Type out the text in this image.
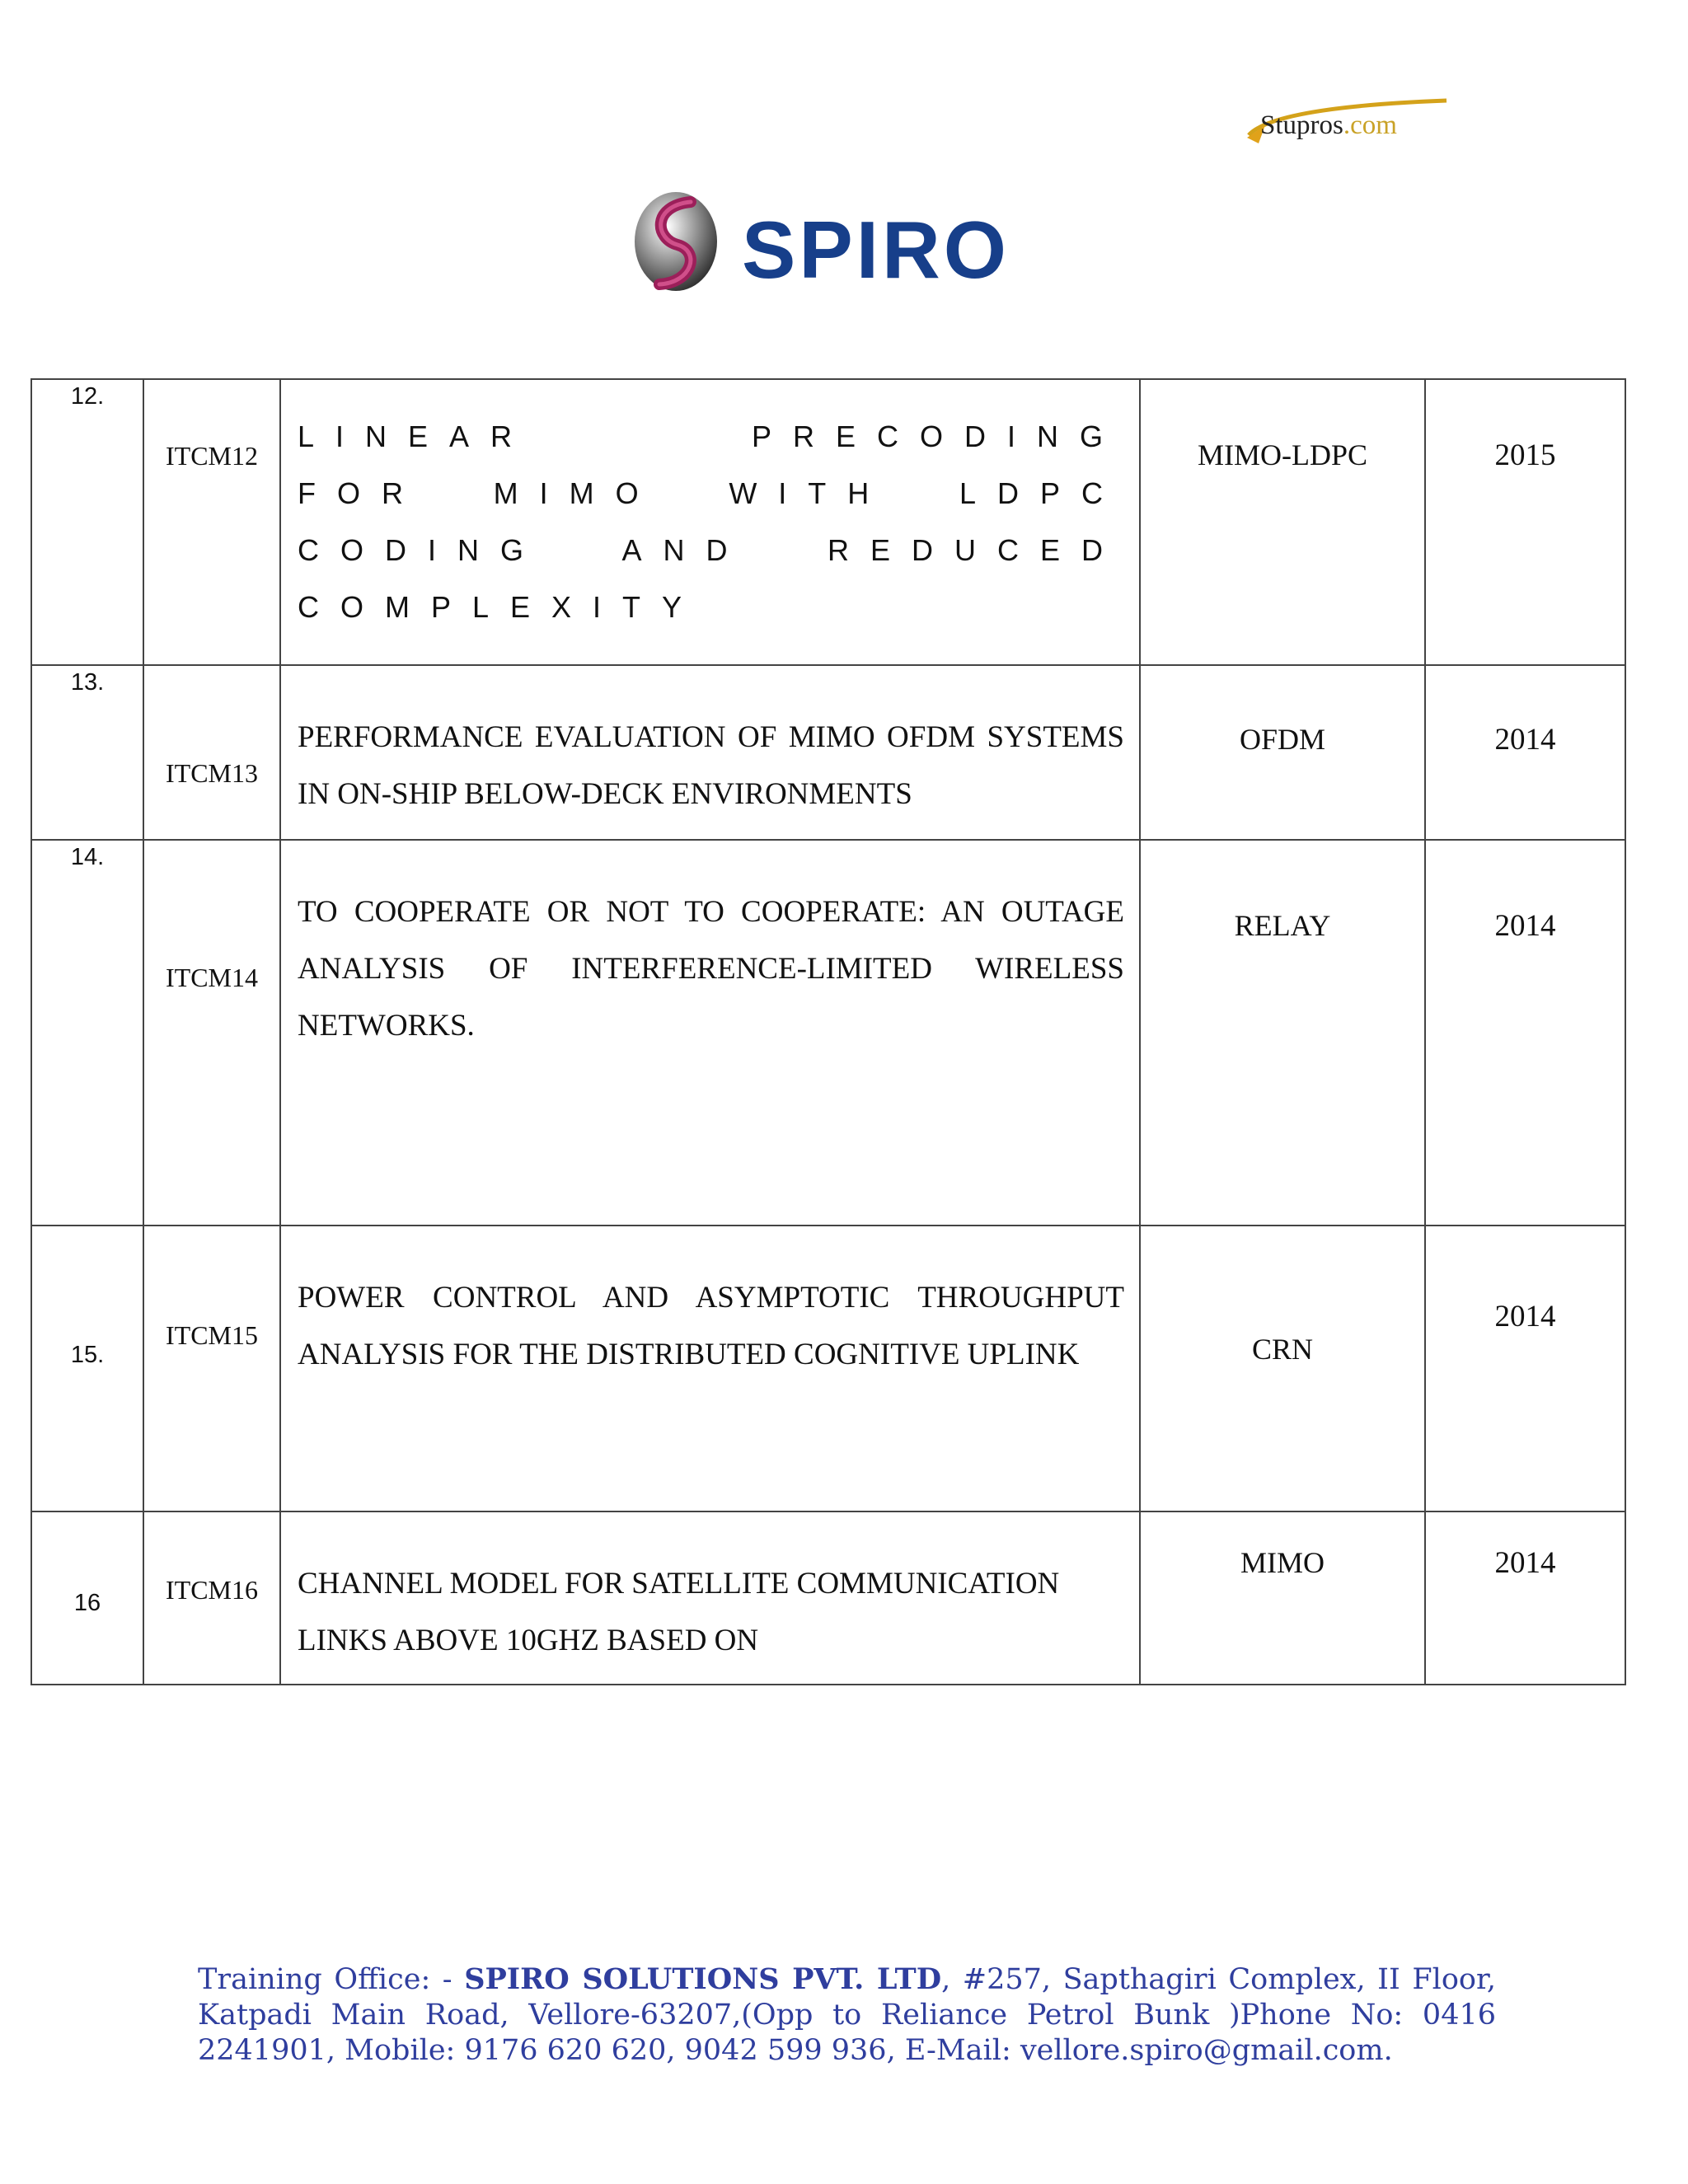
Stupros.com
SPIRO
12.	ITCM12	LINEAR PRECODING FOR MIMO WITH LDPC CODING AND REDUCED COMPLEXITY	MIMO-LDPC	2015

13.	ITCM13	PERFORMANCE EVALUATION OF MIMO OFDM SYSTEMS IN ON-SHIP BELOW-DECK ENVIRONMENTS	OFDM	2014

14.	ITCM14	TO COOPERATE OR NOT TO COOPERATE: AN OUTAGE ANALYSIS OF INTERFERENCE-LIMITED WIRELESS NETWORKS.	RELAY	2014

15.	ITCM15	POWER CONTROL AND ASYMPTOTIC THROUGHPUT ANALYSIS FOR THE DISTRIBUTED COGNITIVE UPLINK	CRN	2014

16	ITCM16	CHANNEL MODEL FOR SATELLITE COMMUNICATION LINKS ABOVE 10GHZ BASED ON	MIMO	2014
Training Office: - SPIRO SOLUTIONS PVT. LTD, #257, Sapthagiri Complex, II Floor, Katpadi Main Road, Vellore-63207,(Opp to Reliance Petrol Bunk )Phone No: 0416 2241901, Mobile: 9176 620 620, 9042 599 936, E-Mail: vellore.spiro@gmail.com.
